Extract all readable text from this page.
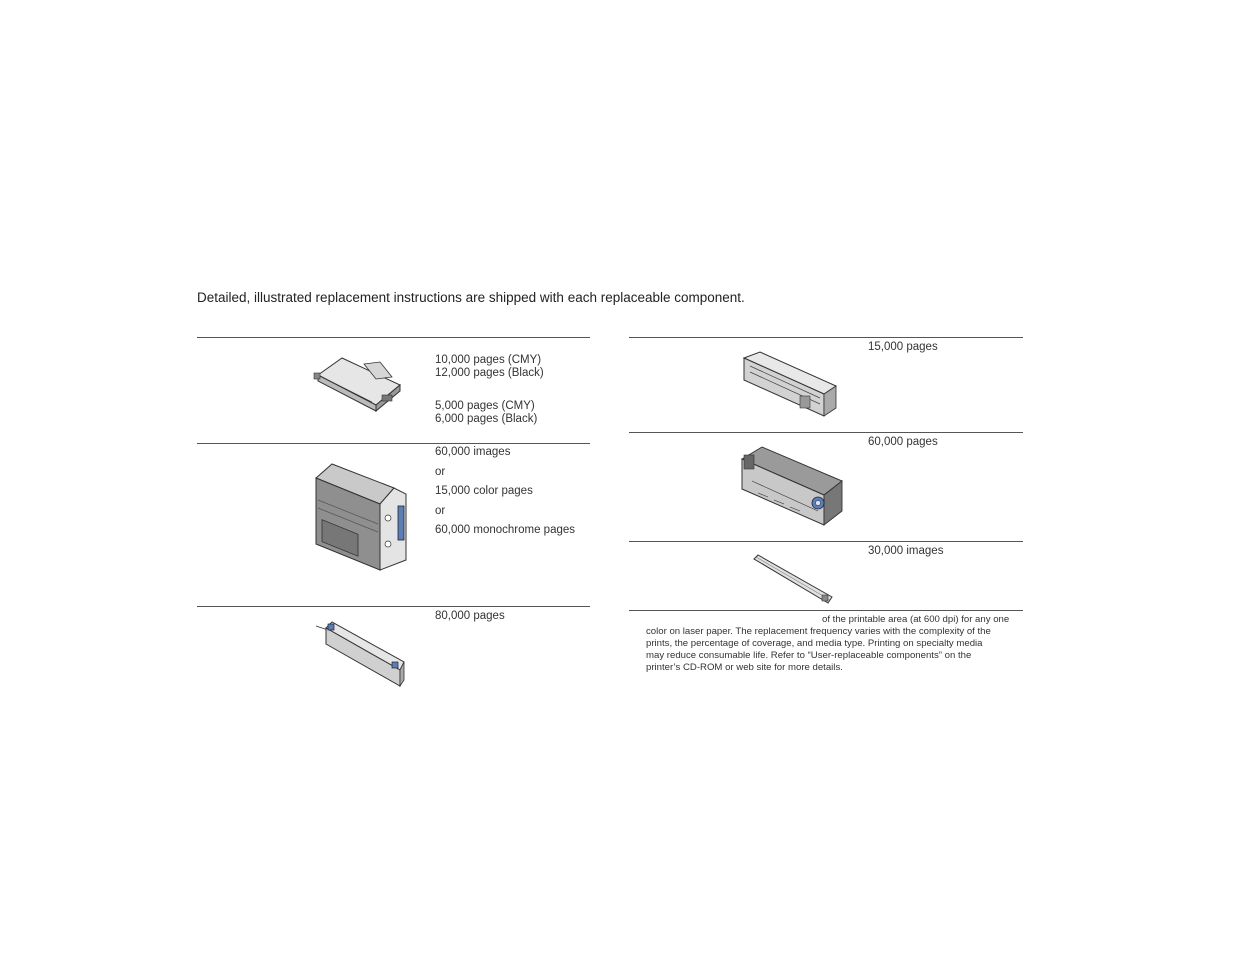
Detailed, illustrated replacement instructions are shipped with each replaceable component.
10,000 pages (CMY)
12,000 pages (Black)
5,000 pages (CMY)
6,000 pages (Black)
60,000 images
or
15,000 color pages
or
60,000 monochrome pages
80,000 pages
15,000 pages
60,000 pages
30,000 images
of the printable area (at 600 dpi) for any one
color on laser paper. The replacement frequency varies with the complexity of the
prints, the percentage of coverage, and media type. Printing on specialty media
may reduce consumable life. Refer to “User-replaceable components” on the
printer’s CD-ROM or web site for more details.
